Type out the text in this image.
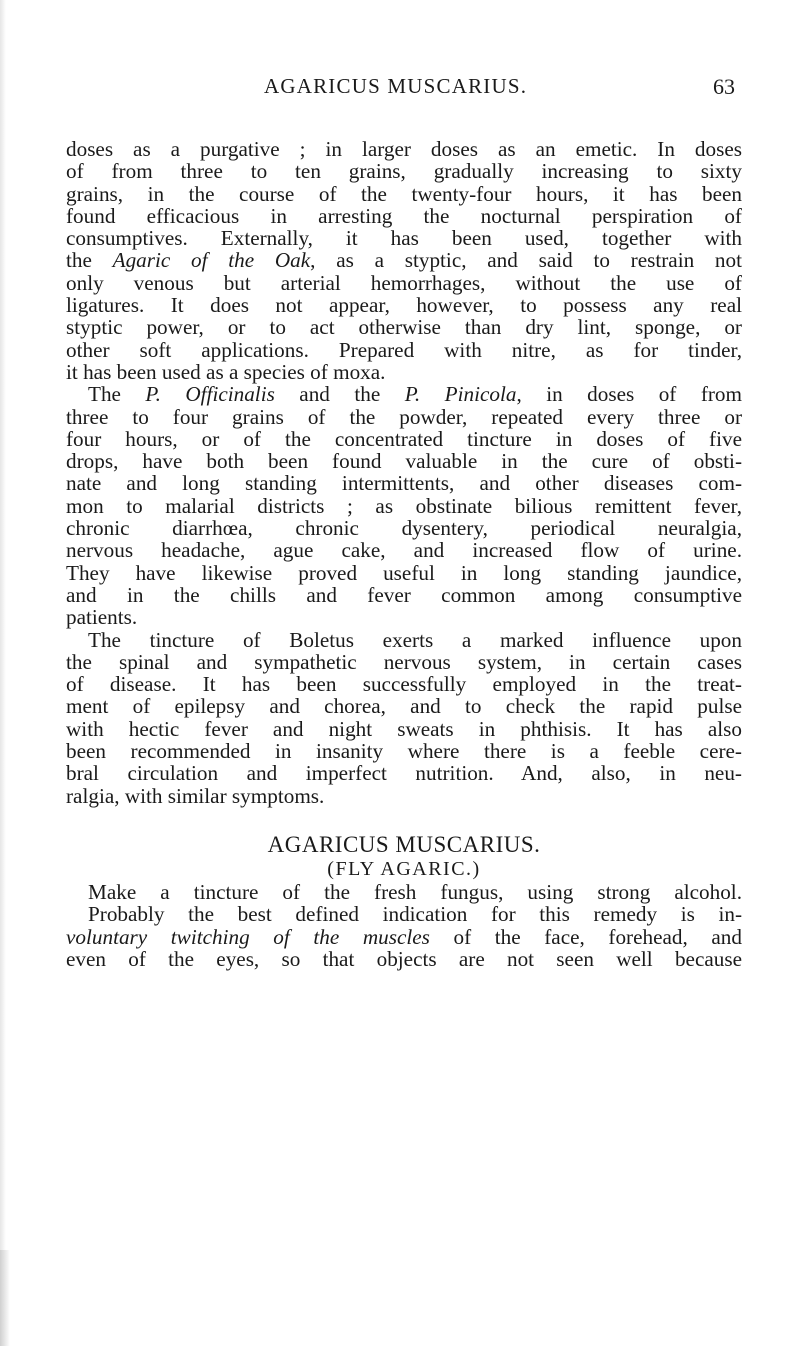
AGARICUS MUSCARIUS.	63
doses as a purgative ; in larger doses as an emetic. In doses
of from three to ten grains, gradually increasing to sixty
grains, in the course of the twenty-four hours, it has been
found efficacious in arresting the nocturnal perspiration of
consumptives. Externally, it has been used, together with
the Agaric of the Oak, as a styptic, and said to restrain not
only venous but arterial hemorrhages, without the use of
ligatures. It does not appear, however, to possess any real
styptic power, or to act otherwise than dry lint, sponge, or
other soft applications. Prepared with nitre, as for tinder,
it has been used as a species of moxa.
The P. Officinalis and the P. Pinicola, in doses of from
three to four grains of the powder, repeated every three or
four hours, or of the concentrated tincture in doses of five
drops, have both been found valuable in the cure of obsti-
nate and long standing intermittents, and other diseases com-
mon to malarial districts ; as obstinate bilious remittent fever,
chronic diarrhœa, chronic dysentery, periodical neuralgia,
nervous headache, ague cake, and increased flow of urine.
They have likewise proved useful in long standing jaundice,
and in the chills and fever common among consumptive
patients.
The tincture of Boletus exerts a marked influence upon
the spinal and sympathetic nervous system, in certain cases
of disease. It has been successfully employed in the treat-
ment of epilepsy and chorea, and to check the rapid pulse
with hectic fever and night sweats in phthisis. It has also
been recommended in insanity where there is a feeble cere-
bral circulation and imperfect nutrition. And, also, in neu-
ralgia, with similar symptoms.
AGARICUS MUSCARIUS.
(FLY AGARIC.)
Make a tincture of the fresh fungus, using strong alcohol.
Probably the best defined indication for this remedy is in-
voluntary twitching of the muscles of the face, forehead, and
even of the eyes, so that objects are not seen well because
